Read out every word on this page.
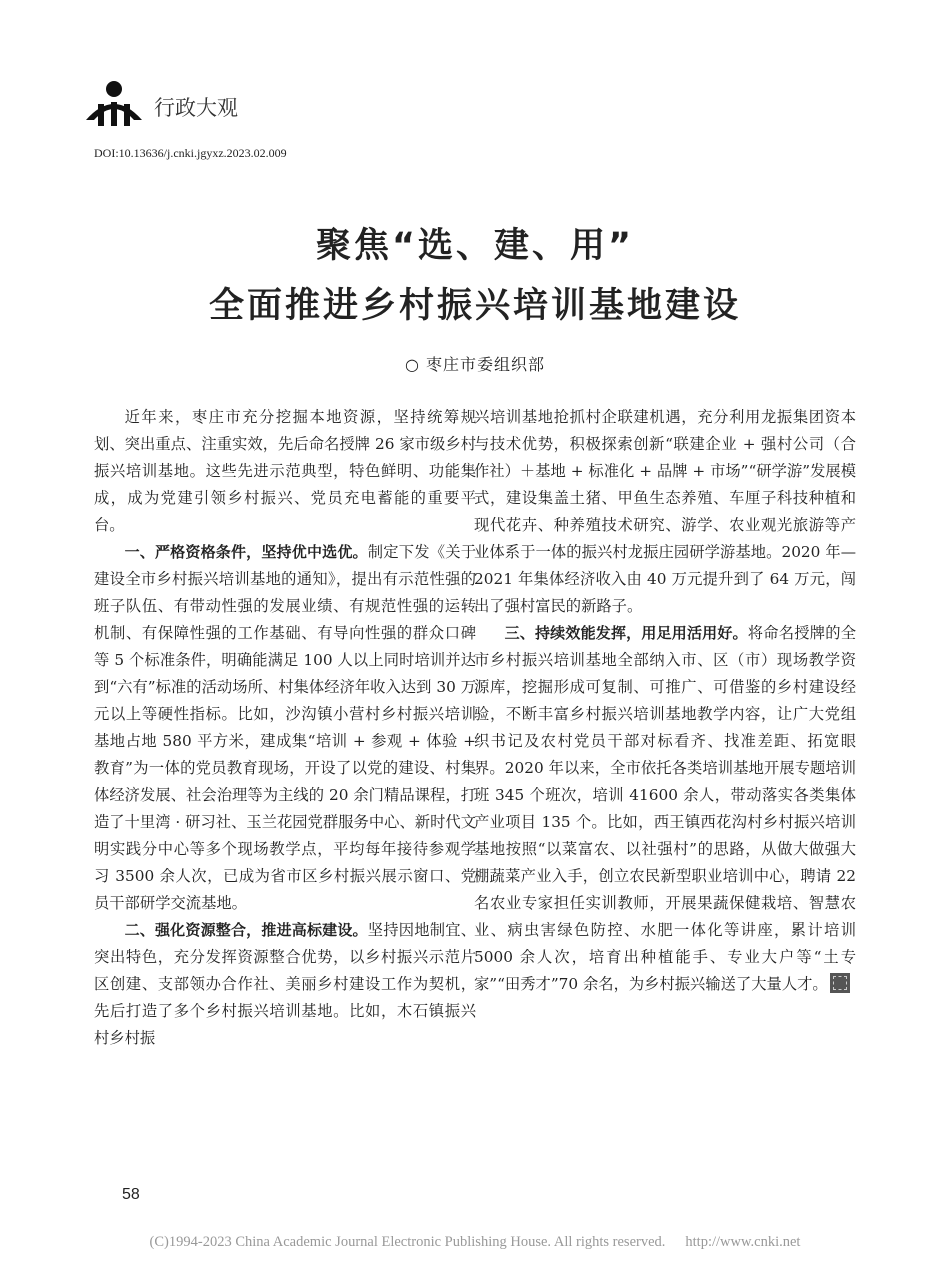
行政大观
DOI:10.13636/j.cnki.jgyxz.2023.02.009
聚焦“选、建、用”
全面推进乡村振兴培训基地建设
○ 枣庄市委组织部

近年来，枣庄市充分挖掘本地资源，坚持统筹规划、突出重点、注重实效，先后命名授牌 26 家市级乡村振兴培训基地。这些先进示范典型，特色鲜明、功能集成，成为党建引领乡村振兴、党员充电蓄能的重要平台。

一、严格资格条件，坚持优中选优。制定下发《关于建设全市乡村振兴培训基地的通知》，提出有示范性强的班子队伍、有带动性强的发展业绩、有规范性强的运转机制、有保障性强的工作基础、有导向性强的群众口碑等 5 个标准条件，明确能满足 100 人以上同时培训并达到“六有”标准的活动场所、村集体经济年收入达到 30 万元以上等硬性指标。比如，沙沟镇小营村乡村振兴培训基地占地 580 平方米，建成集“培训 + 参观 + 体验 + 教育”为一体的党员教育现场，开设了以党的建设、村集体经济发展、社会治理等为主线的 20 余门精品课程，打造了十里湾 · 研习社、玉兰花园党群服务中心、新时代文明实践分中心等多个现场教学点，平均每年接待参观学习 3500 余人次，已成为省市区乡村振兴展示窗口、党员干部研学交流基地。

二、强化资源整合，推进高标建设。坚持因地制宜、突出特色，充分发挥资源整合优势，以乡村振兴示范片区创建、支部领办合作社、美丽乡村建设工作为契机，先后打造了多个乡村振兴培训基地。比如，木石镇振兴村乡村振

兴培训基地抢抓村企联建机遇，充分利用龙振集团资本与技术优势，积极探索创新“联建企业 + 强村公司（合作社）＋基地 + 标准化 + 品牌 + 市场”“研学游”发展模式，建设集盖土猪、甲鱼生态养殖、车厘子科技种植和现代花卉、种养殖技术研究、游学、农业观光旅游等产业体系于一体的振兴村龙振庄园研学游基地。2020 年—2021 年集体经济收入由 40 万元提升到了 64 万元，闯出了强村富民的新路子。

三、持续效能发挥，用足用活用好。将命名授牌的全市乡村振兴培训基地全部纳入市、区（市）现场教学资源库，挖掘形成可复制、可推广、可借鉴的乡村建设经验，不断丰富乡村振兴培训基地教学内容，让广大党组织书记及农村党员干部对标看齐、找准差距、拓宽眼界。2020 年以来，全市依托各类培训基地开展专题培训班 345 个班次，培训 41600 余人，带动落实各类集体产业项目 135 个。比如，西王镇西花沟村乡村振兴培训基地按照“以菜富农、以社强村”的思路，从做大做强大棚蔬菜产业入手，创立农民新型职业培训中心，聘请 22 名农业专家担任实训教师，开展果蔬保健栽培、智慧农业、病虫害绿色防控、水肥一体化等讲座，累计培训 5000 余人次，培育出种植能手、专业大户等“土专家”“田秀才”70 余名，为乡村振兴输送了大量人才。

58
(C)1994-2023 China Academic Journal Electronic Publishing House. All rights reserved. http://www.cnki.net
